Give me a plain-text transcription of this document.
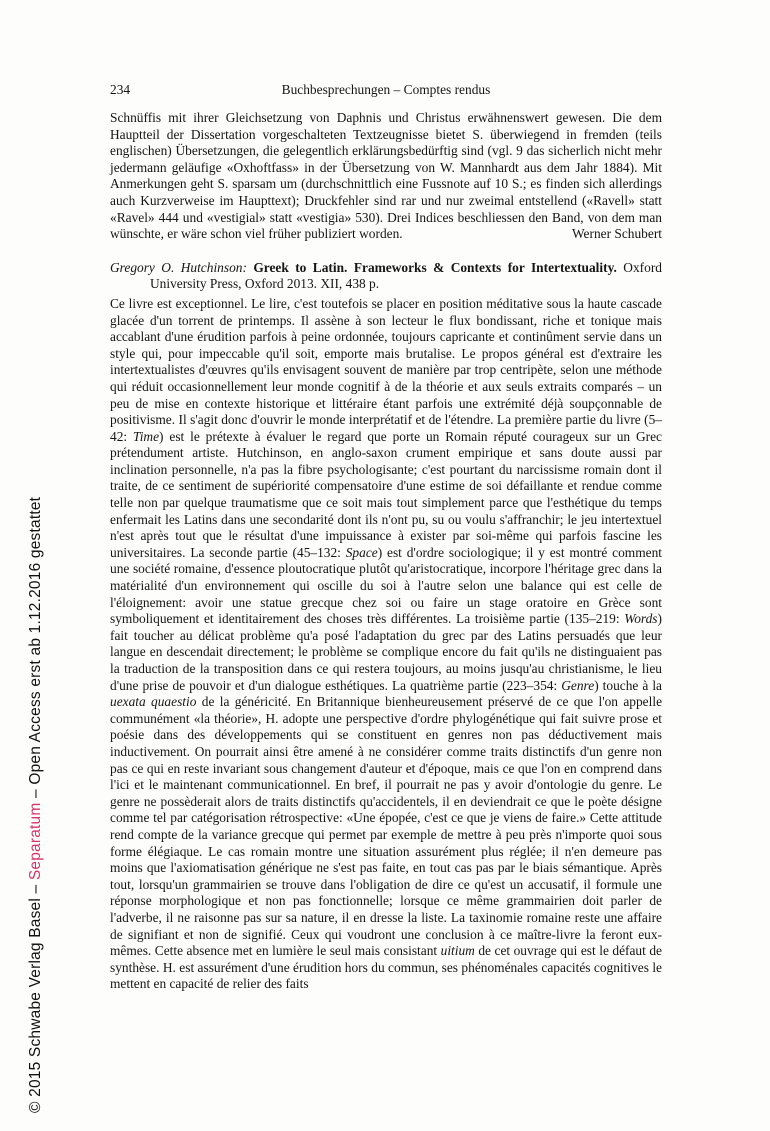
© 2015 Schwabe Verlag Basel – Separatum – Open Access erst ab 1.12.2016 gestattet
234	Buchbesprechungen – Comptes rendus

Schnüffis mit ihrer Gleichsetzung von Daphnis und Christus erwähnenswert gewesen. Die dem Hauptteil der Dissertation vorgeschalteten Textzeugnisse bietet S. überwiegend in fremden (teils englischen) Übersetzungen, die gelegentlich erklärungsbedürftig sind (vgl. 9 das sicherlich nicht mehr jedermann geläufige «Oxhoftfass» in der Übersetzung von W. Mannhardt aus dem Jahr 1884). Mit Anmerkungen geht S. sparsam um (durchschnittlich eine Fussnote auf 10 S.; es finden sich allerdings auch Kurzverweise im Haupttext); Druckfehler sind rar und nur zweimal entstellend («Ravell» statt «Ravel» 444 und «vestigial» statt «vestigia» 530). Drei Indices beschliessen den Band, von dem man wünschte, er wäre schon viel früher publiziert worden.	Werner Schubert

Gregory O. Hutchinson: Greek to Latin. Frameworks & Contexts for Intertextuality. Oxford University Press, Oxford 2013. XII, 438 p.

Ce livre est exceptionnel. Le lire, c'est toutefois se placer en position méditative sous la haute cascade glacée d'un torrent de printemps. Il assène à son lecteur le flux bondissant, riche et tonique mais accablant d'une érudition parfois à peine ordonnée, toujours capricante et continûment servie dans un style qui, pour impeccable qu'il soit, emporte mais brutalise. Le propos général est d'extraire les intertextualistes d'œuvres qu'ils envisagent souvent de manière par trop centripète, selon une méthode qui réduit occasionnellement leur monde cognitif à de la théorie et aux seuls extraits comparés – un peu de mise en contexte historique et littéraire étant parfois une extrémité déjà soupçonnable de positivisme. Il s'agit donc d'ouvrir le monde interprétatif et de l'étendre. La première partie du livre (5–42: Time) est le prétexte à évaluer le regard que porte un Romain réputé courageux sur un Grec prétendument artiste. Hutchinson, en anglo-saxon crument empirique et sans doute aussi par inclination personnelle, n'a pas la fibre psychologisante; c'est pourtant du narcissisme romain dont il traite, de ce sentiment de supériorité compensatoire d'une estime de soi défaillante et rendue comme telle non par quelque traumatisme que ce soit mais tout simplement parce que l'esthétique du temps enfermait les Latins dans une secondarité dont ils n'ont pu, su ou voulu s'affranchir; le jeu intertextuel n'est après tout que le résultat d'une impuissance à exister par soi-même qui parfois fascine les universitaires. La seconde partie (45–132: Space) est d'ordre sociologique; il y est montré comment une société romaine, d'essence ploutocratique plutôt qu'aristocratique, incorpore l'héritage grec dans la matérialité d'un environnement qui oscille du soi à l'autre selon une balance qui est celle de l'éloignement: avoir une statue grecque chez soi ou faire un stage oratoire en Grèce sont symboliquement et identitairement des choses très différentes. La troisième partie (135–219: Words) fait toucher au délicat problème qu'a posé l'adaptation du grec par des Latins persuadés que leur langue en descendait directement; le problème se complique encore du fait qu'ils ne distinguaient pas la traduction de la transposition dans ce qui restera toujours, au moins jusqu'au christianisme, le lieu d'une prise de pouvoir et d'un dialogue esthétiques. La quatrième partie (223–354: Genre) touche à la uexata quaestio de la généricité. En Britannique bienheureusement préservé de ce que l'on appelle communément «la théorie», H. adopte une perspective d'ordre phylogénétique qui fait suivre prose et poésie dans des développements qui se constituent en genres non pas déductivement mais inductivement. On pourrait ainsi être amené à ne considérer comme traits distinctifs d'un genre non pas ce qui en reste invariant sous changement d'auteur et d'époque, mais ce que l'on en comprend dans l'ici et le maintenant communicationnel. En bref, il pourrait ne pas y avoir d'ontologie du genre. Le genre ne possèderait alors de traits distinctifs qu'accidentels, il en deviendrait ce que le poète désigne comme tel par catégorisation rétrospective: «Une épopée, c'est ce que je viens de faire.» Cette attitude rend compte de la variance grecque qui permet par exemple de mettre à peu près n'importe quoi sous forme élégiaque. Le cas romain montre une situation assurément plus réglée; il n'en demeure pas moins que l'axiomatisation générique ne s'est pas faite, en tout cas pas par le biais sémantique. Après tout, lorsqu'un grammairien se trouve dans l'obligation de dire ce qu'est un accusatif, il formule une réponse morphologique et non pas fonctionnelle; lorsque ce même grammairien doit parler de l'adverbe, il ne raisonne pas sur sa nature, il en dresse la liste. La taxinomie romaine reste une affaire de signifiant et non de signifié. Ceux qui voudront une conclusion à ce maître-livre la feront eux-mêmes. Cette absence met en lumière le seul mais consistant uitium de cet ouvrage qui est le défaut de synthèse. H. est assurément d'une érudition hors du commun, ses phénoménales capacités cognitives le mettent en capacité de relier des faits
